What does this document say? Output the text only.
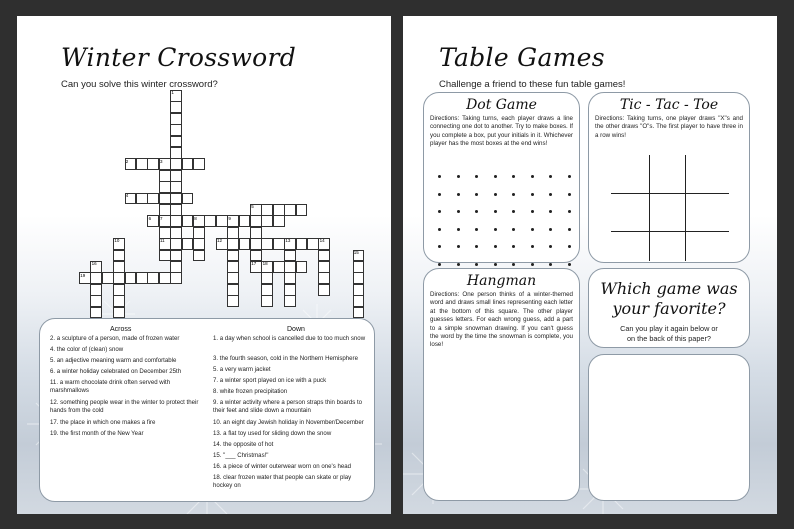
Winter Crossword
Can you solve this winter crossword?
1
2	3
4
5
6 7	8	9
10	11	12	13	14
15
16	17 18
19
Across	Down
2. a sculpture of a person, made of frozen water
4. the color of (clean) snow
5. an adjective meaning warm and comfortable
6. a winter holiday celebrated on December 25th
11. a warm chocolate drink often served with marshmallows
12. something people wear in the winter to protect their hands from the cold
17. the place in which one makes a fire
19. the first month of the New Year
1. a day when school is cancelled due to too much snow
3. the fourth season, cold in the Northern Hemisphere
5. a very warm jacket
7. a winter sport played on ice with a puck
8. white frozen precipitation
9. a winter activity where a person straps thin boards to their feet and slide down a mountain
10. an eight day Jewish holiday in November/December
13. a flat toy used for sliding down the snow
14. the opposite of hot
15. "___ Christmas!"
16. a piece of winter outerwear worn on one's head
18. clear frozen water that people can skate or play hockey on
Table Games
Challenge a friend to these fun table games!
Dot Game
Directions: Taking turns, each player draws a line connecting one dot to another. Try to make boxes. If you complete a box, put your initials in it. Whichever player has the most boxes at the end wins!
Tic - Tac - Toe
Directions: Taking turns, one player draws "X"s and the other draws "O"s. The first player to have three in a row wins!
Hangman
Directions: One person thinks of a winter-themed word and draws small lines representing each letter at the bottom of this square. The other player guesses letters. For each wrong guess, add a part to a simple snowman drawing. If you can't guess the word by the time the snowman is complete, you lose!
Which game was
your favorite?
Can you play it again below or
on the back of this paper?
